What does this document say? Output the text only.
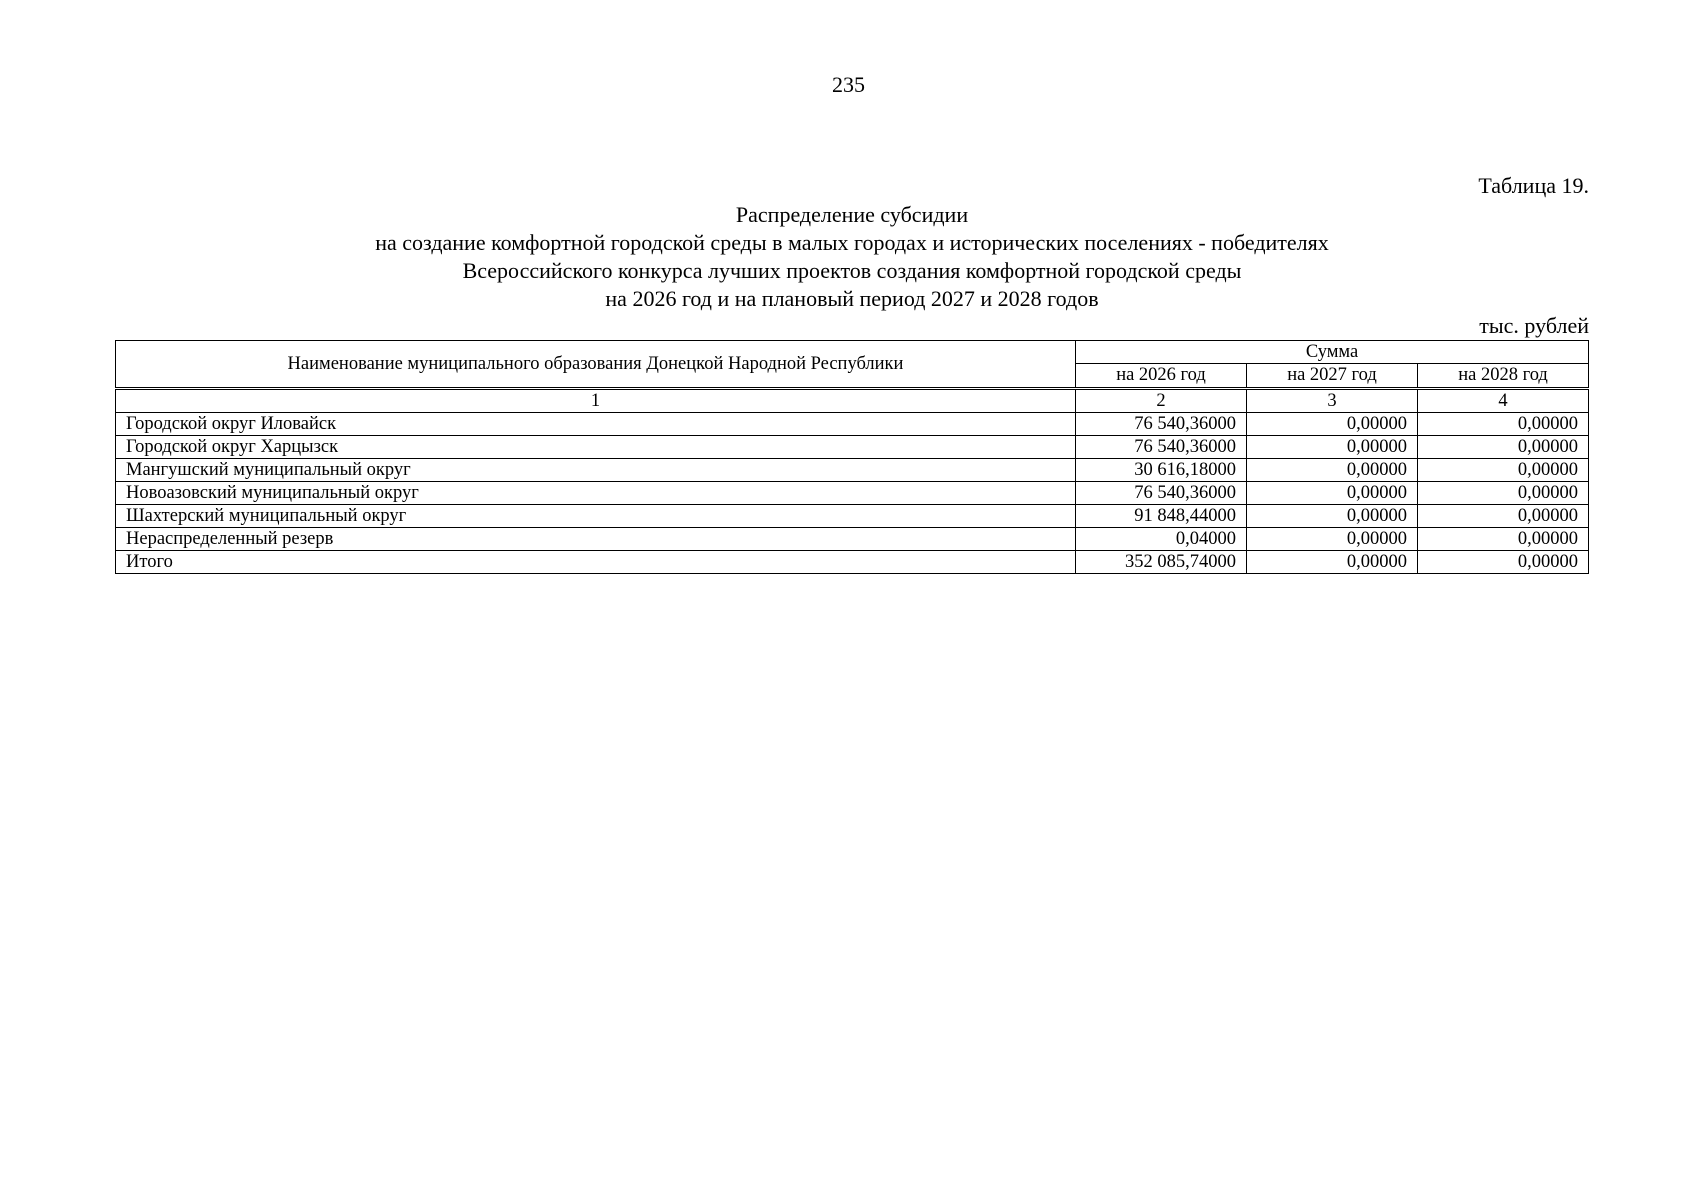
235
Таблица 19.
Распределение субсидии
на создание комфортной городской среды в малых городах и исторических поселениях - победителях
Всероссийского конкурса лучших проектов создания комфортной городской среды
на 2026 год и на плановый период 2027 и 2028 годов
тыс. рублей
Наименование муниципального образования Донецкой Народной Республики	Сумма		
	на 2026 год	на 2027 год	на 2028 год
1	2	3	4
Городской округ Иловайск	76 540,36000	0,00000	0,00000
Городской округ Харцызск	76 540,36000	0,00000	0,00000
Мангушский муниципальный округ	30 616,18000	0,00000	0,00000
Новоазовский муниципальный округ	76 540,36000	0,00000	0,00000
Шахтерский муниципальный округ	91 848,44000	0,00000	0,00000
Нераспределенный резерв	0,04000	0,00000	0,00000
Итого	352 085,74000	0,00000	0,00000
